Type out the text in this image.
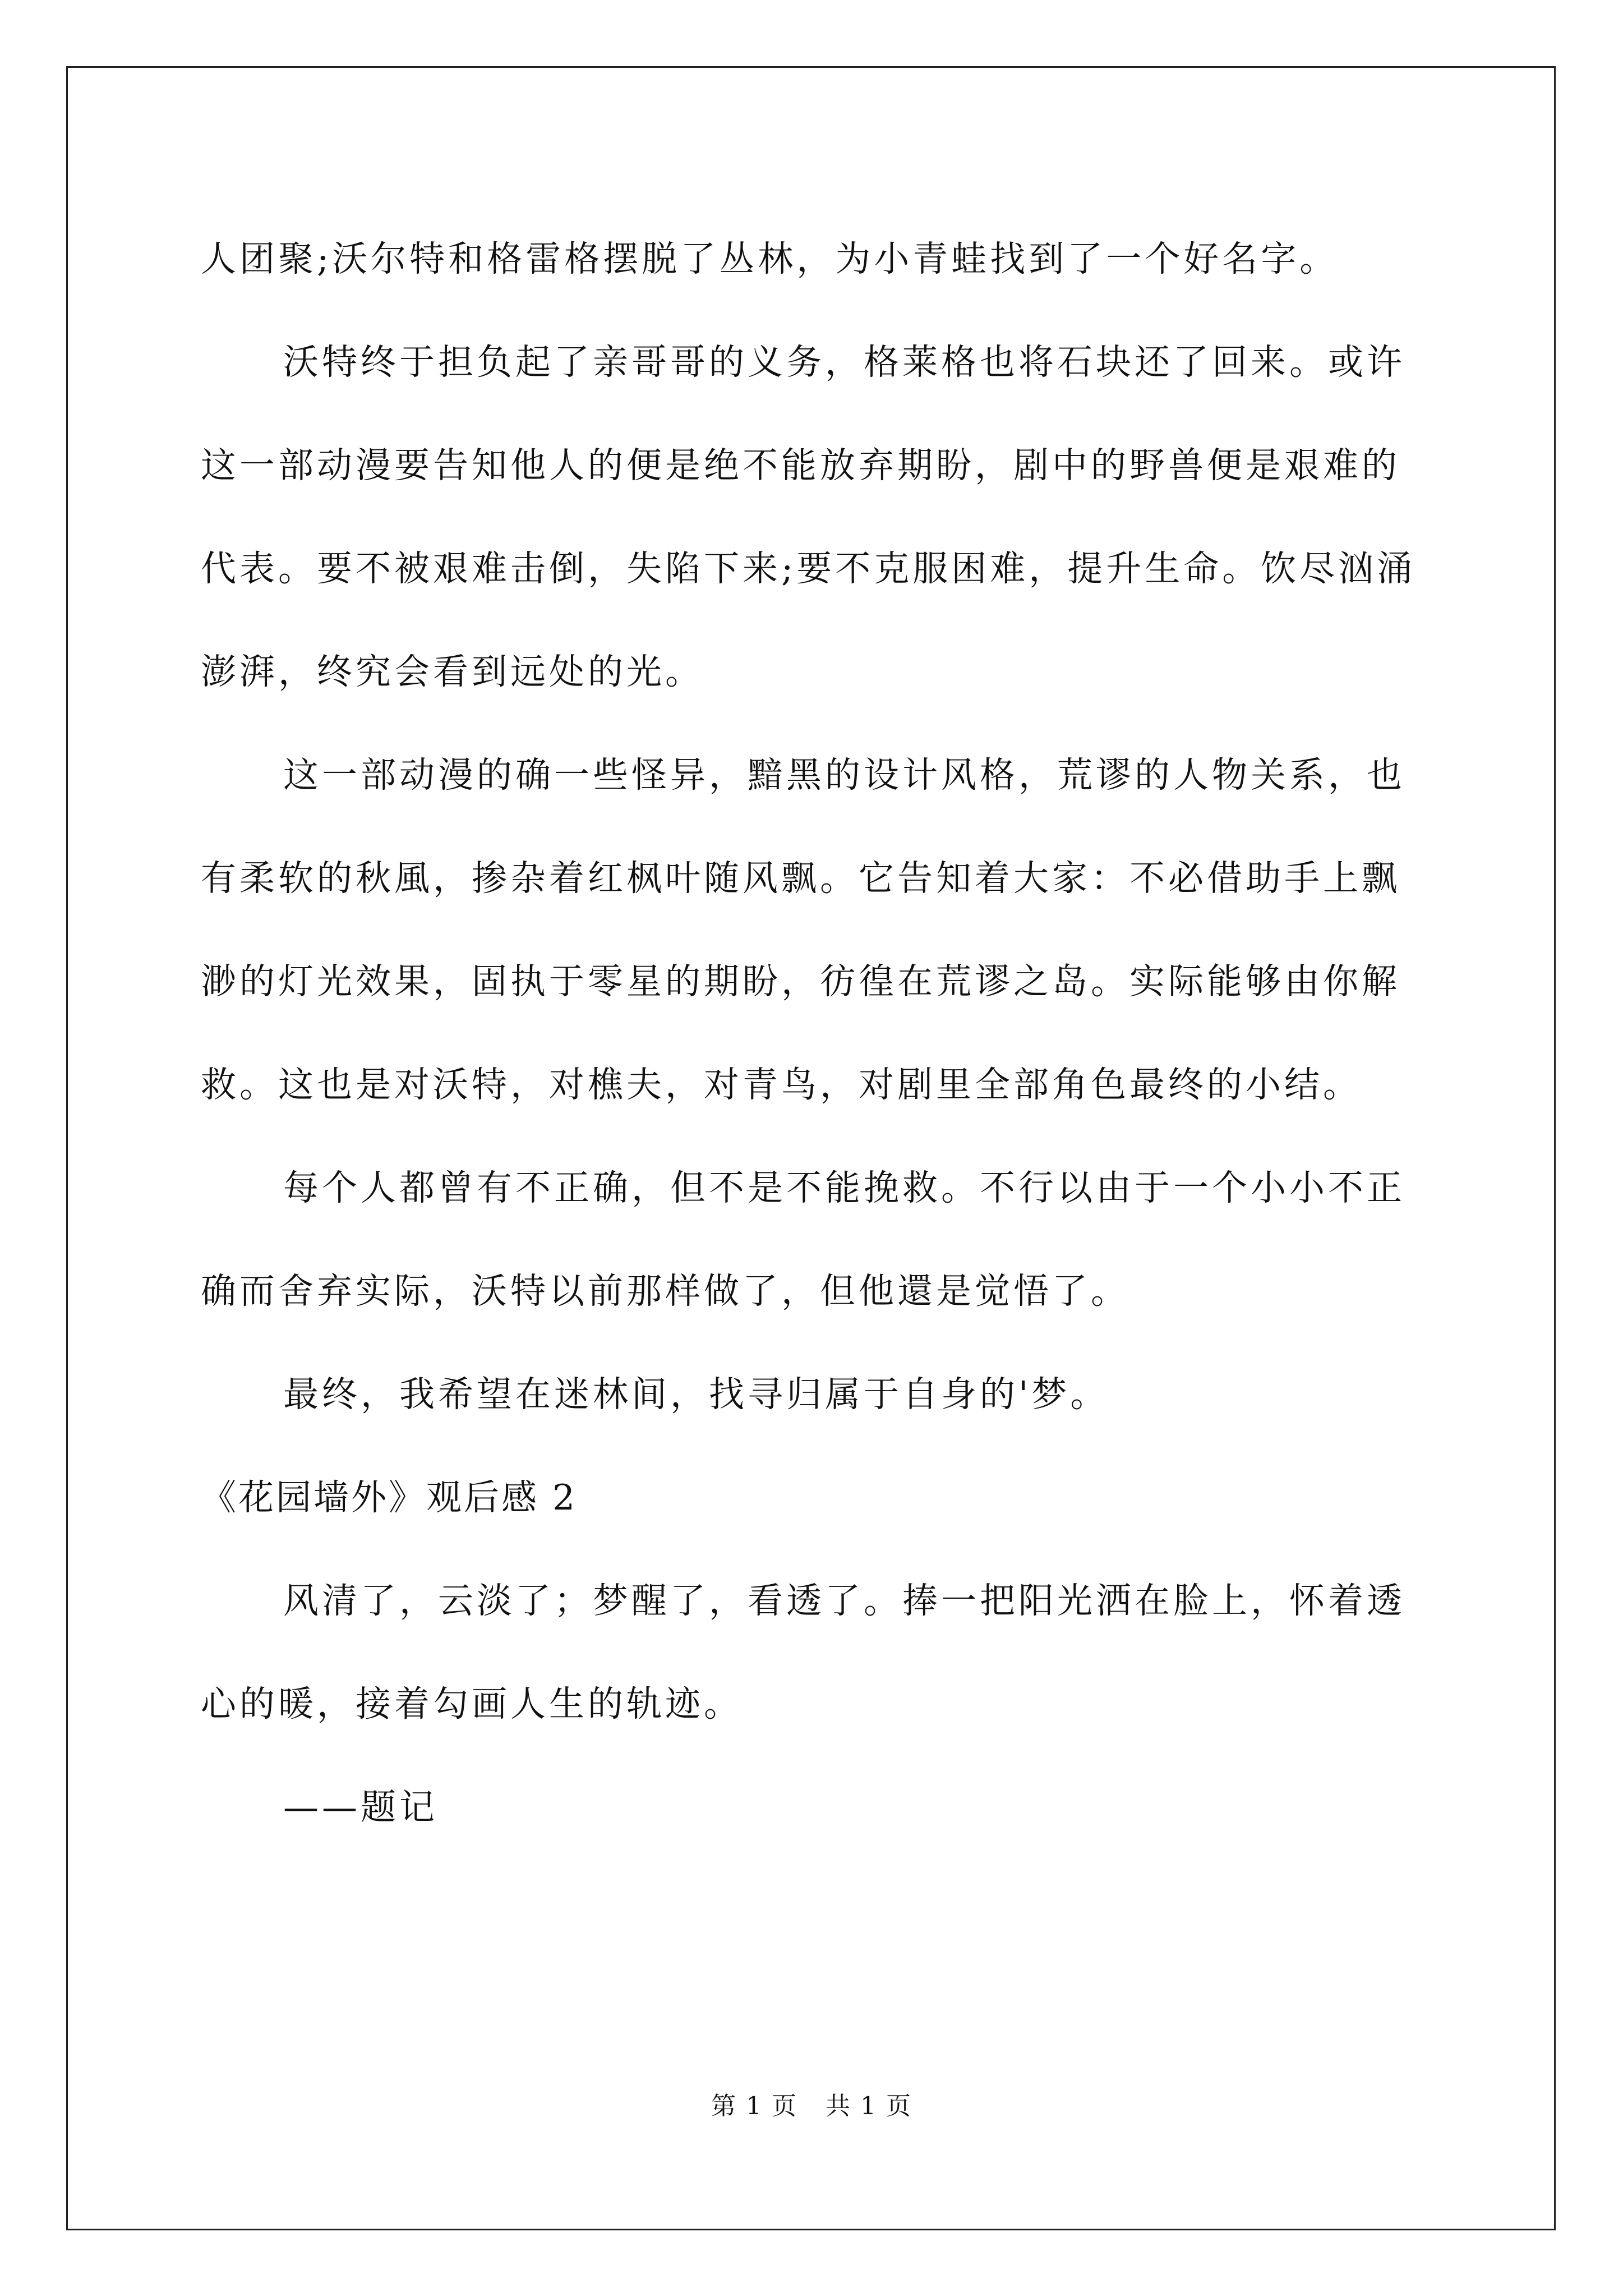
人团聚;沃尔特和格雷格摆脱了丛林，为小青蛙找到了一个好名字。

沃特终于担负起了亲哥哥的义务，格莱格也将石块还了回来。或许这一部动漫要告知他人的便是绝不能放弃期盼，剧中的野兽便是艰难的代表。要不被艰难击倒，失陷下来;要不克服困难，提升生命。饮尽汹涌澎湃，终究会看到远处的光。

这一部动漫的确一些怪异，黯黑的设计风格，荒谬的人物关系，也有柔软的秋風，掺杂着红枫叶随风飘。它告知着大家：不必借助手上飘渺的灯光效果，固执于零星的期盼，彷徨在荒谬之岛。实际能够由你解救。这也是对沃特，对樵夫，对青鸟，对剧里全部角色最终的小结。

每个人都曾有不正确，但不是不能挽救。不行以由于一个小小不正确而舍弃实际，沃特以前那样做了，但他還是觉悟了。

最终，我希望在迷林间，找寻归属于自身的'梦。

《花园墙外》观后感 2

风清了，云淡了；梦醒了，看透了。捧一把阳光洒在脸上，怀着透心的暖，接着勾画人生的轨迹。

——题记

第 1 页 共 1 页
